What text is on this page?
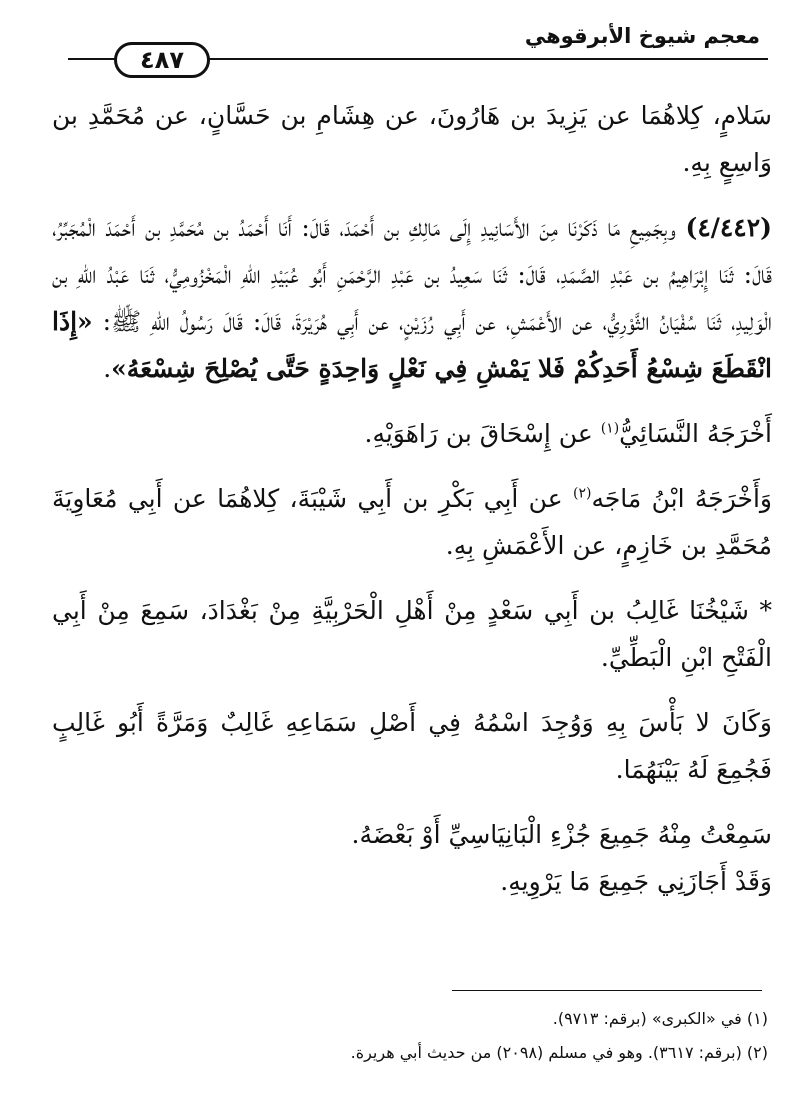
معجم شيوخ الأبرقوهي
٤٨٧

سَلامٍ، كِلاهُمَا عن يَزِيدَ بن هَارُونَ، عن هِشَامِ بن حَسَّانٍ، عن مُحَمَّدِ بن وَاسِعٍ بِهِ.

(٤/٤٤٢) وبِجَمِيعِ مَا ذَكَرْنَا مِنَ الأَسَانِيدِ إِلَى مَالِكِ بن أَحْمَدَ، قَالَ: أَنَا أَحْمَدُ بن مُحَمَّدِ بن أَحْمَدَ الْمُجَبِّرُ، قَالَ: ثَنَا إِبْرَاهِيمُ بن عَبْدِ الصَّمَدِ، قَالَ: ثَنَا سَعِيدُ بن عَبْدِ الرَّحْمَنِ أَبُو عُبَيْدِ اللهِ الْمَخْزُومِيُّ، ثَنَا عَبْدُ اللهِ بن الْوَلِيدِ، ثَنَا سُفْيَانُ الثَّوْرِيُّ، عن الأَعْمَشِ، عن أَبِي رُزَيْنٍ، عن أَبِي هُرَيْرَةَ، قَالَ: قَالَ رَسُولُ اللهِ ﷺ: «إِذَا انْقَطَعَ شِسْعُ أَحَدِكُمْ فَلا يَمْشِ فِي نَعْلٍ وَاحِدَةٍ حَتَّى يُصْلِحَ شِسْعَهُ».

أَخْرَجَهُ النَّسَائِيُّ$^{(١)}$ عن إِسْحَاقَ بن رَاهَوَيْهِ.

وَأَخْرَجَهُ ابْنُ مَاجَه$^{(٢)}$ عن أَبِي بَكْرِ بن أَبِي شَيْبَةَ، كِلاهُمَا عن أَبِي مُعَاوِيَةَ مُحَمَّدِ بن خَازِمٍ، عن الأَعْمَشِ بِهِ.

* شَيْخُنَا غَالِبُ بن أَبِي سَعْدٍ مِنْ أَهْلِ الْحَرْبِيَّةِ مِنْ بَغْدَادَ، سَمِعَ مِنْ أَبِي الْفَتْحِ ابْنِ الْبَطِّيِّ.

وَكَانَ لا بَأْسَ بِهِ وَوُجِدَ اسْمُهُ فِي أَصْلِ سَمَاعِهِ غَالِبٌ وَمَرَّةً أَبُو غَالِبٍ فَجُمِعَ لَهُ بَيْنَهُمَا.

سَمِعْتُ مِنْهُ جَمِيعَ جُزْءِ الْبَانِيَاسِيِّ أَوْ بَعْضَهُ.

وَقَدْ أَجَازَنِي جَمِيعَ مَا يَرْوِيهِ.

(١) في «الكبرى» (برقم: ٩٧١٣).
(٢) (برقم: ٣٦١٧). وهو في مسلم (٢٠٩٨) من حديث أبي هريرة.
